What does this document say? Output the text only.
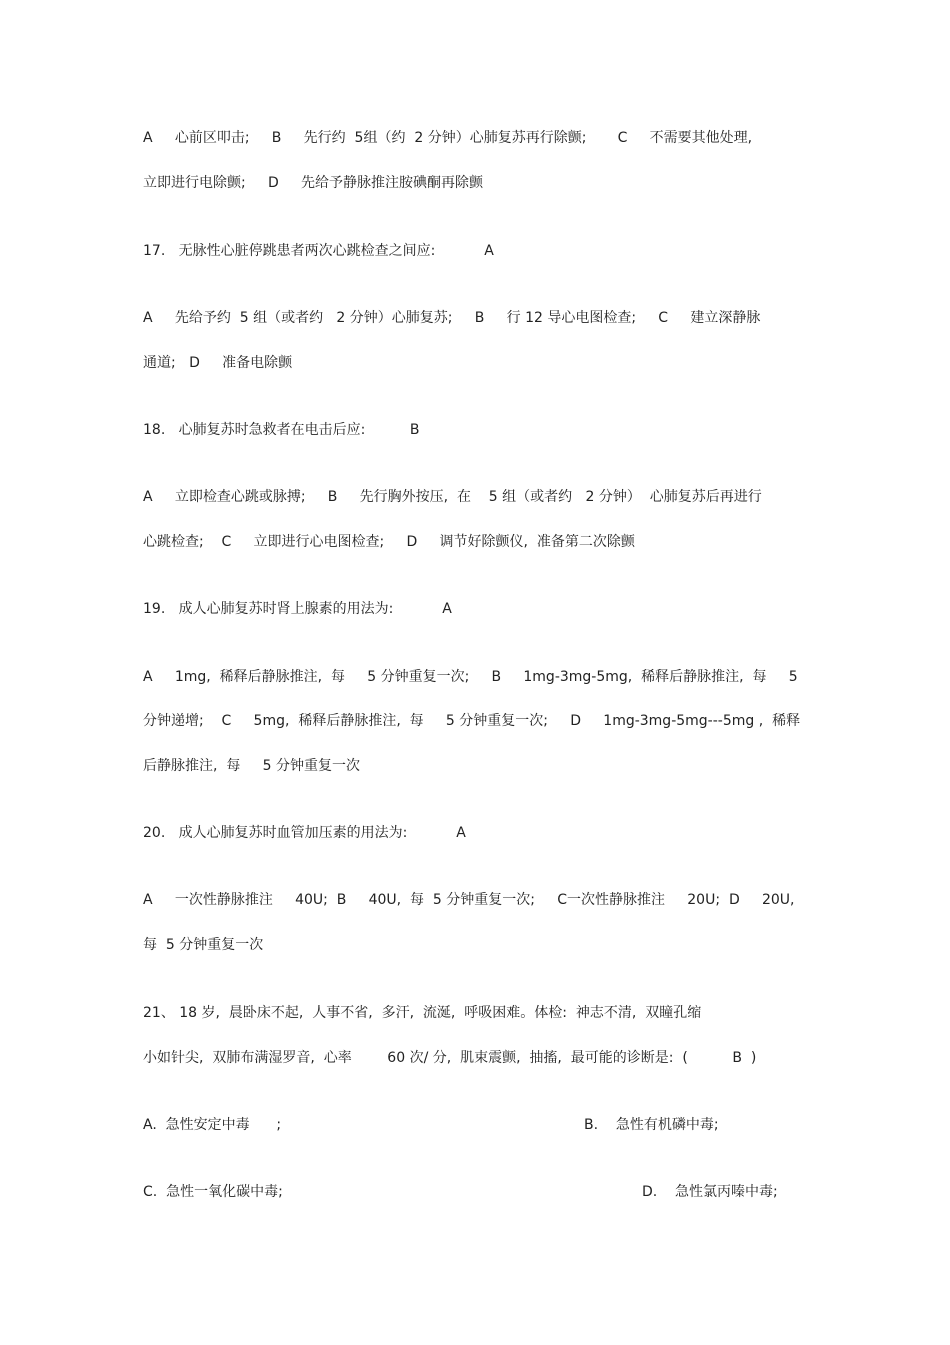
A     心前区叩击;     B     先行约  5组（约  2 分钟）心肺复苏再行除颤;       C     不需要其他处理,
立即进行电除颤;     D     先给予静脉推注胺碘酮再除颤
17.   无脉性心脏停跳患者两次心跳检查之间应:           A
A     先给予约  5 组（或者约   2 分钟）心肺复苏;     B     行 12 导心电图检查;     C     建立深静脉
通道;   D     准备电除颤
18.   心肺复苏时急救者在电击后应:          B
A     立即检查心跳或脉搏;     B     先行胸外按压,  在    5 组（或者约   2 分钟）  心肺复苏后再进行
心跳检查;    C     立即进行心电图检查;     D     调节好除颤仪,  准备第二次除颤
19.   成人心肺复苏时肾上腺素的用法为:           A
A     1mg,  稀释后静脉推注,  每     5 分钟重复一次;     B     1mg-3mg-5mg,  稀释后静脉推注,  每     5
分钟递增;    C     5mg,  稀释后静脉推注,  每     5 分钟重复一次;     D     1mg-3mg-5mg---5mg ,  稀释
后静脉推注,  每     5 分钟重复一次
20.   成人心肺复苏时血管加压素的用法为:           A
A     一次性静脉推注     40U;  B     40U,  每  5 分钟重复一次;     C一次性静脉推注     20U;  D     20U,
每  5 分钟重复一次
21、 18 岁,  晨卧床不起,  人事不省,  多汗,  流涎,  呼吸困难。体检:  神志不清,  双瞳孔缩
小如针尖,  双肺布满湿罗音,  心率        60 次/ 分,  肌束震颤,  抽搐,  最可能的诊断是:  (          B  )
A.  急性安定中毒      ;	B.    急性有机磷中毒;
C.  急性一氧化碳中毒;	D.    急性氯丙嗪中毒;
